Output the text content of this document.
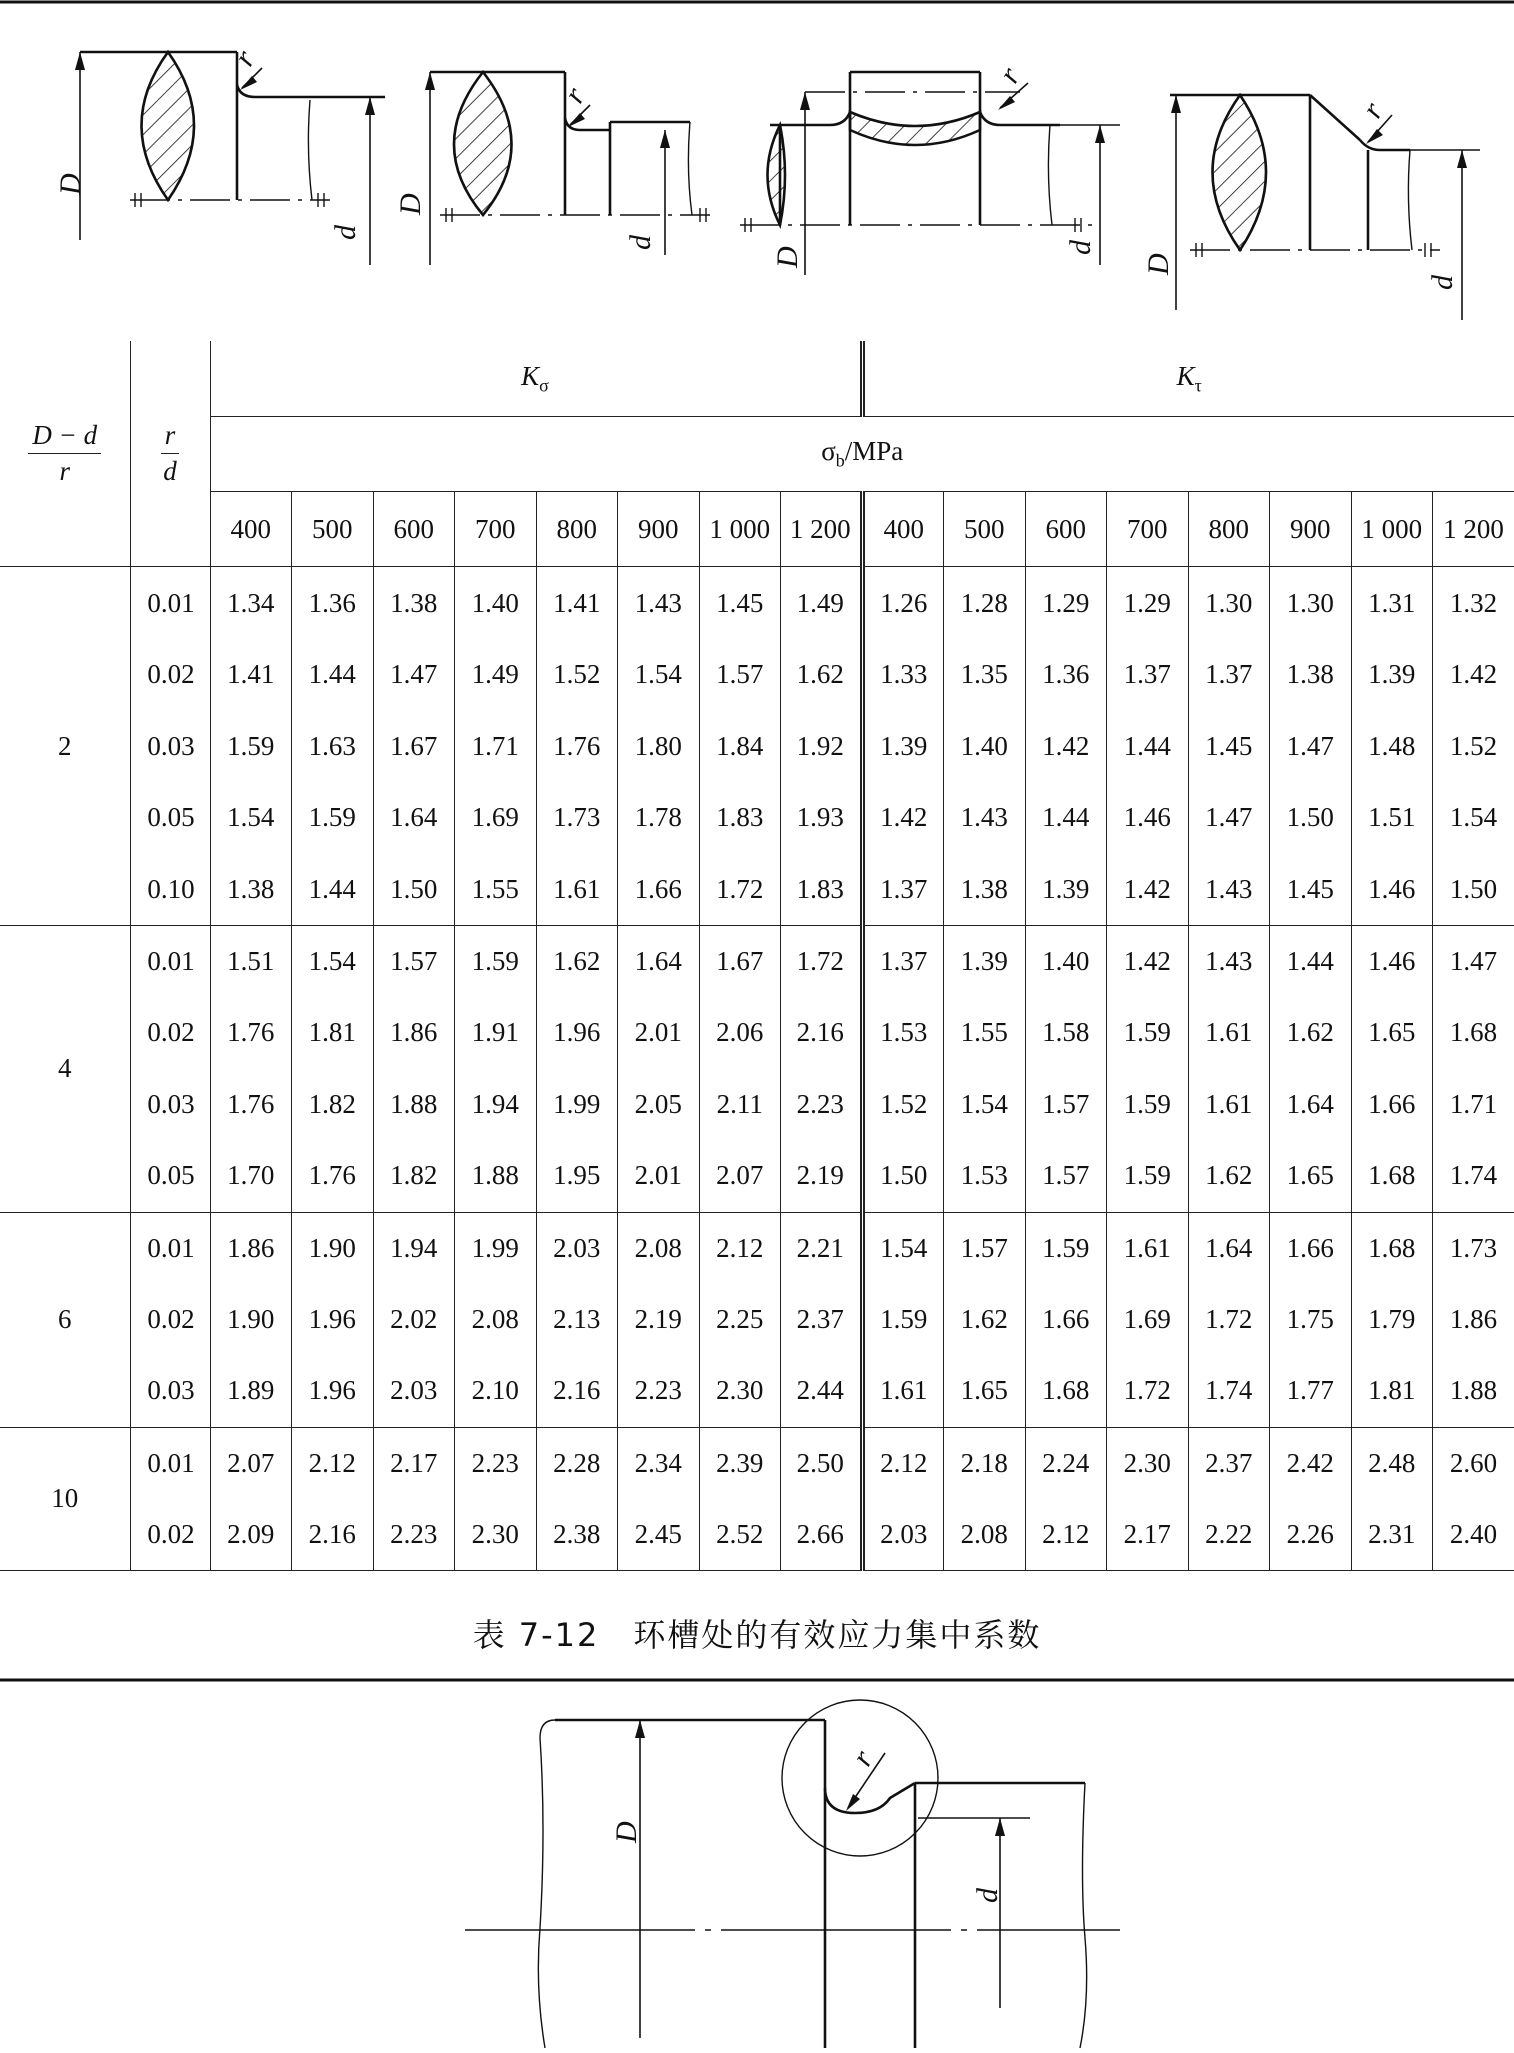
D
d
r
D
d
r
D	d
r
D
d
r
$\frac{D - d}{r}$	$\frac{r}{d}$	$K_\sigma$								$K_\tau$
		$\sigma_b$/MPa															
		400	500	600	700	800	900	1 000	1 200	400	500	600	700	800	900	1 000	1 200
2	0.01	1.34	1.36	1.38	1.40	1.41	1.43	1.45	1.49	1.26	1.28	1.29	1.29	1.30	1.30	1.31	1.32
	0.02	1.41	1.44	1.47	1.49	1.52	1.54	1.57	1.62	1.33	1.35	1.36	1.37	1.37	1.38	1.39	1.42
	0.03	1.59	1.63	1.67	1.71	1.76	1.80	1.84	1.92	1.39	1.40	1.42	1.44	1.45	1.47	1.48	1.52
	0.05	1.54	1.59	1.64	1.69	1.73	1.78	1.83	1.93	1.42	1.43	1.44	1.46	1.47	1.50	1.51	1.54
	0.10	1.38	1.44	1.50	1.55	1.61	1.66	1.72	1.83	1.37	1.38	1.39	1.42	1.43	1.45	1.46	1.50
4	0.01	1.51	1.54	1.57	1.59	1.62	1.64	1.67	1.72	1.37	1.39	1.40	1.42	1.43	1.44	1.46	1.47
	0.02	1.76	1.81	1.86	1.91	1.96	2.01	2.06	2.16	1.53	1.55	1.58	1.59	1.61	1.62	1.65	1.68
	0.03	1.76	1.82	1.88	1.94	1.99	2.05	2.11	2.23	1.52	1.54	1.57	1.59	1.61	1.64	1.66	1.71
	0.05	1.70	1.76	1.82	1.88	1.95	2.01	2.07	2.19	1.50	1.53	1.57	1.59	1.62	1.65	1.68	1.74
6	0.01	1.86	1.90	1.94	1.99	2.03	2.08	2.12	2.21	1.54	1.57	1.59	1.61	1.64	1.66	1.68	1.73
	0.02	1.90	1.96	2.02	2.08	2.13	2.19	2.25	2.37	1.59	1.62	1.66	1.69	1.72	1.75	1.79	1.86
	0.03	1.89	1.96	2.03	2.10	2.16	2.23	2.30	2.44	1.61	1.65	1.68	1.72	1.74	1.77	1.81	1.88
10	0.01	2.07	2.12	2.17	2.23	2.28	2.34	2.39	2.50	2.12	2.18	2.24	2.30	2.37	2.42	2.48	2.60
	0.02	2.09	2.16	2.23	2.30	2.38	2.45	2.52	2.66	2.03	2.08	2.12	2.17	2.22	2.26	2.31	2.40
表 7-12　环槽处的有效应力集中系数
D
d
r
